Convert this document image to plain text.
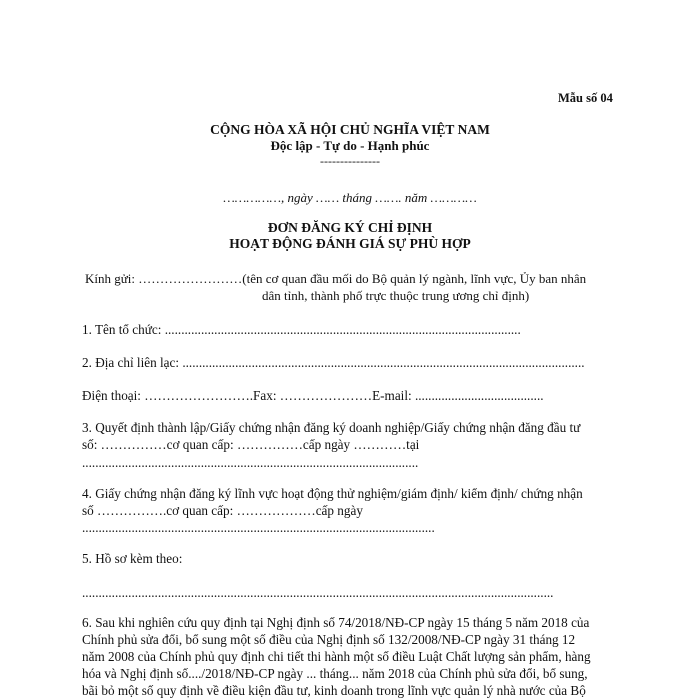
Mẫu số 04
CỘNG HÒA XÃ HỘI CHỦ NGHĨA VIỆT NAM
Độc lập - Tự do - Hạnh phúc
---------------
……………, ngày …… tháng ……. năm …………
ĐƠN ĐĂNG KÝ CHỈ ĐỊNH
HOẠT ĐỘNG ĐÁNH GIÁ SỰ PHÙ HỢP
Kính gửi: ……………………(tên cơ quan đầu mối do Bộ quản lý ngành, lĩnh vực, Ủy ban nhân
dân tỉnh, thành phố trực thuộc trung ương chỉ định)
1. Tên tổ chức: ............................................................................................................
2. Địa chỉ liên lạc: ..........................................................................................................................
Điện thoại: …………………….Fax: …………………E-mail: .......................................
3. Quyết định thành lập/Giấy chứng nhận đăng ký doanh nghiệp/Giấy chứng nhận đăng đầu tư
số: ……………cơ quan cấp: ……………cấp ngày …………tại
......................................................................................................
4. Giấy chứng nhận đăng ký lĩnh vực hoạt động thử nghiệm/giám định/ kiểm định/ chứng nhận
số …………….cơ quan cấp: ………………cấp ngày
...........................................................................................................
5. Hồ sơ kèm theo:
...............................................................................................................................................
6. Sau khi nghiên cứu quy định tại Nghị định số 74/2018/NĐ-CP ngày 15 tháng 5 năm 2018 của
Chính phủ sửa đổi, bổ sung một số điều của Nghị định số 132/2008/NĐ-CP ngày 31 tháng 12
năm 2008 của Chính phủ quy định chi tiết thi hành một số điều Luật Chất lượng sản phẩm, hàng
hóa và Nghị định số..../2018/NĐ-CP ngày ... tháng... năm 2018 của Chính phủ sửa đổi, bổ sung,
bãi bỏ một số quy định về điều kiện đầu tư, kinh doanh trong lĩnh vực quản lý nhà nước của Bộ
